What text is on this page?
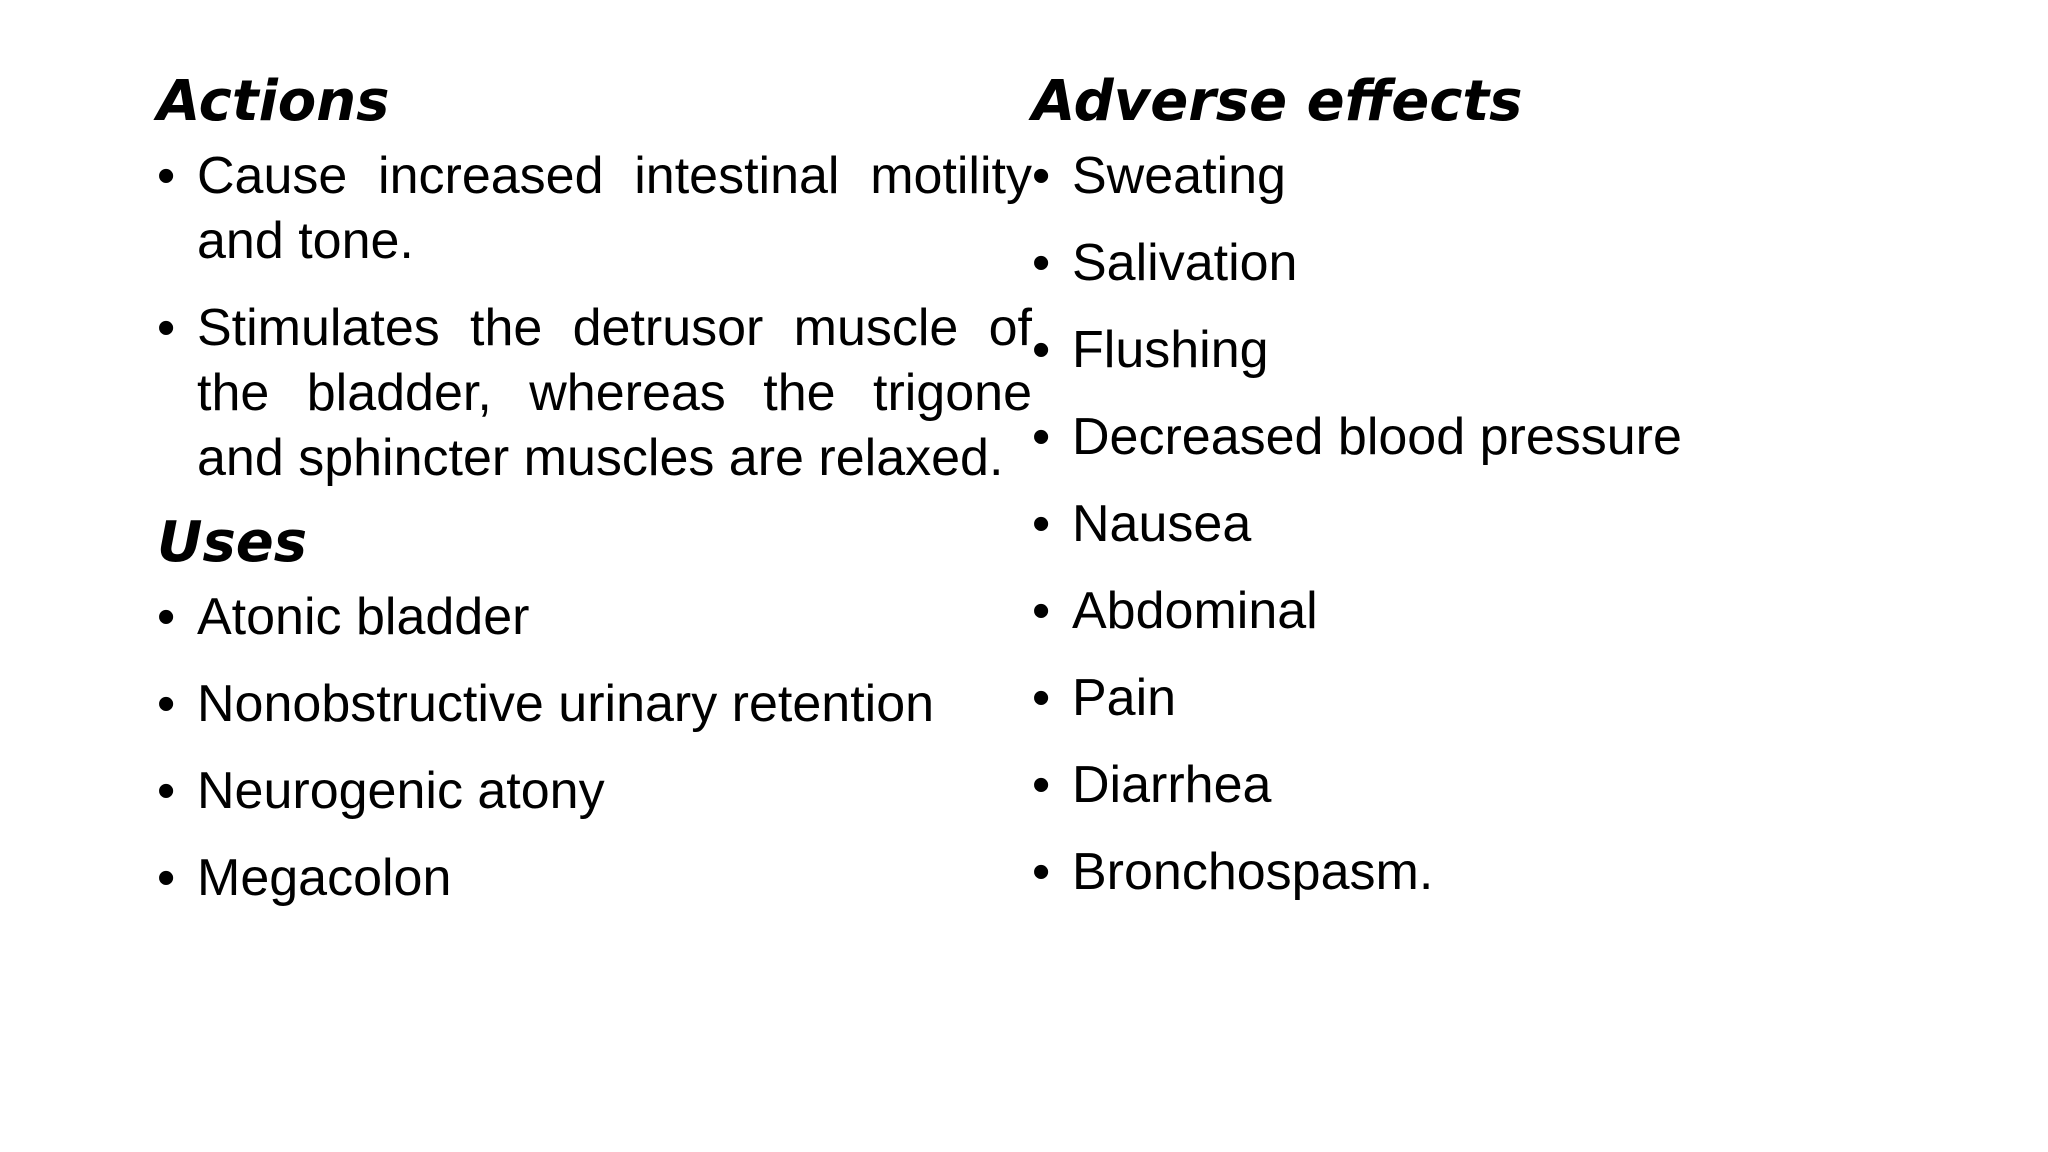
Actions
• Cause increased intestinal motility and tone.
• Stimulates the detrusor muscle of the bladder, whereas the trigone and sphincter muscles are relaxed.
Uses
• Atonic bladder
• Nonobstructive urinary retention
• Neurogenic atony
• Megacolon
Adverse effects
• Sweating
• Salivation
• Flushing
• Decreased blood pressure
• Nausea
• Abdominal
• Pain
• Diarrhea
• Bronchospasm.
